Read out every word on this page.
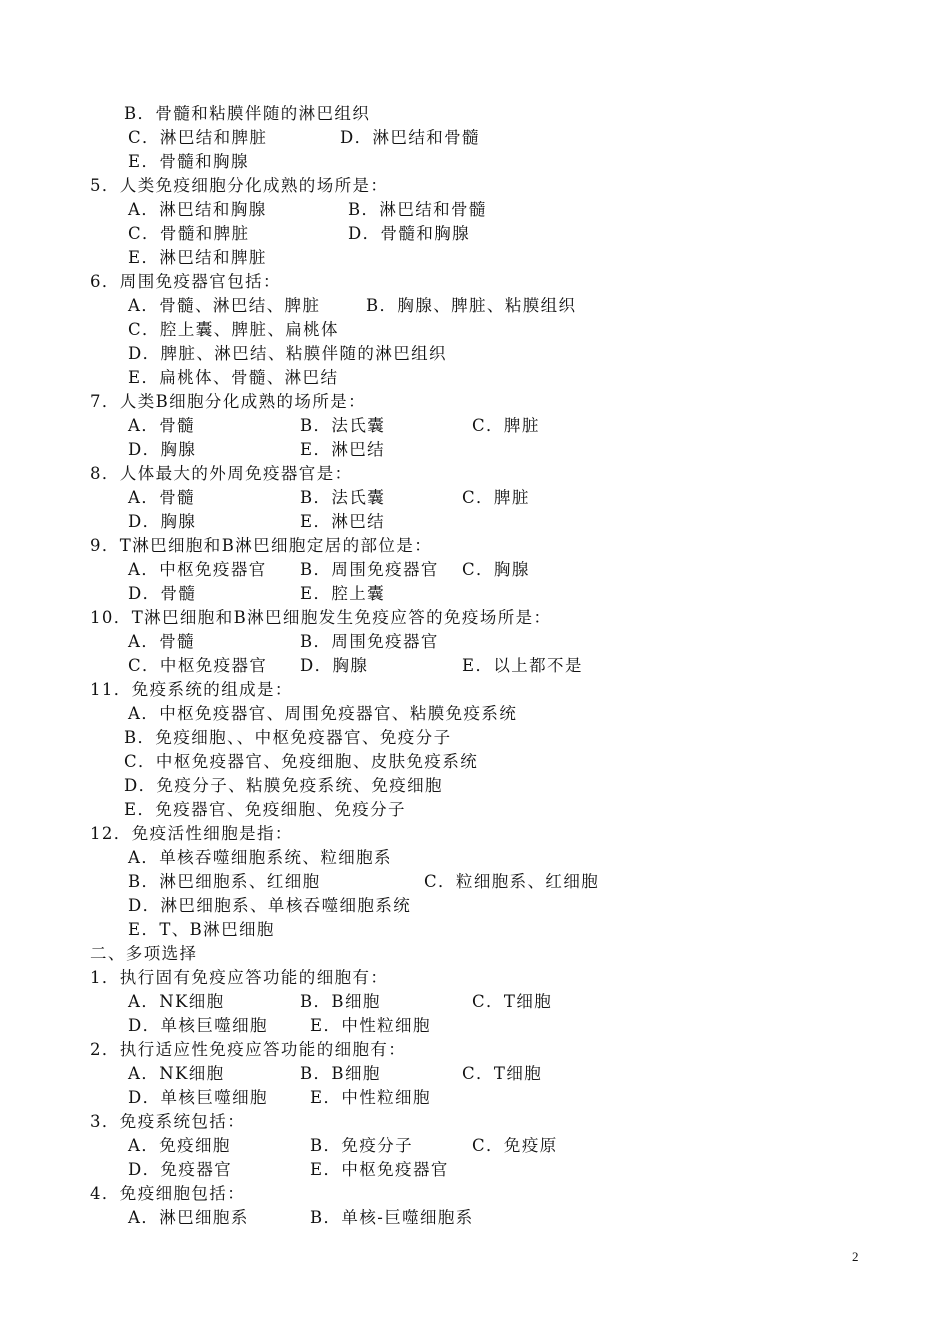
B．骨髓和粘膜伴随的淋巴组织
C．淋巴结和脾脏	D．淋巴结和骨髓
E．骨髓和胸腺
5．人类免疫细胞分化成熟的场所是：
A．淋巴结和胸腺	B．淋巴结和骨髓
C．骨髓和脾脏	D．骨髓和胸腺
E．淋巴结和脾脏
6．周围免疫器官包括：
A．骨髓、淋巴结、脾脏	B．胸腺、脾脏、粘膜组织
C．腔上囊、脾脏、扁桃体
D．脾脏、淋巴结、粘膜伴随的淋巴组织
E．扁桃体、骨髓、淋巴结
7．人类B细胞分化成熟的场所是：
A．骨髓	B．法氏囊	C．脾脏
D．胸腺	E．淋巴结
8．人体最大的外周免疫器官是：
A．骨髓	B．法氏囊	C．脾脏
D．胸腺	E．淋巴结
9．T淋巴细胞和B淋巴细胞定居的部位是：
A．中枢免疫器官 B．周围免疫器官 C．胸腺
D．骨髓	E．腔上囊
10．T淋巴细胞和B淋巴细胞发生免疫应答的免疫场所是：
A．骨髓	B．周围免疫器官
C．中枢免疫器官 D．胸腺	E．以上都不是
11．免疫系统的组成是：
A．中枢免疫器官、周围免疫器官、粘膜免疫系统
B．免疫细胞、、中枢免疫器官、免疫分子
C．中枢免疫器官、免疫细胞、皮肤免疫系统
D．免疫分子、粘膜免疫系统、免疫细胞
E．免疫器官、免疫细胞、免疫分子
12．免疫活性细胞是指：
A．单核吞噬细胞系统、粒细胞系
B．淋巴细胞系、红细胞	C．粒细胞系、红细胞
D．淋巴细胞系、单核吞噬细胞系统
E．T、B淋巴细胞
二、多项选择
1．执行固有免疫应答功能的细胞有：
A．NK细胞	B．B细胞	C．T细胞
D．单核巨噬细胞	E．中性粒细胞
2．执行适应性免疫应答功能的细胞有：
A．NK细胞	B．B细胞	C．T细胞
D．单核巨噬细胞	E．中性粒细胞
3．免疫系统包括：
A．免疫细胞	B．免疫分子	C．免疫原
D．免疫器官	E．中枢免疫器官
4．免疫细胞包括：
A．淋巴细胞系	B．单核-巨噬细胞系
2
